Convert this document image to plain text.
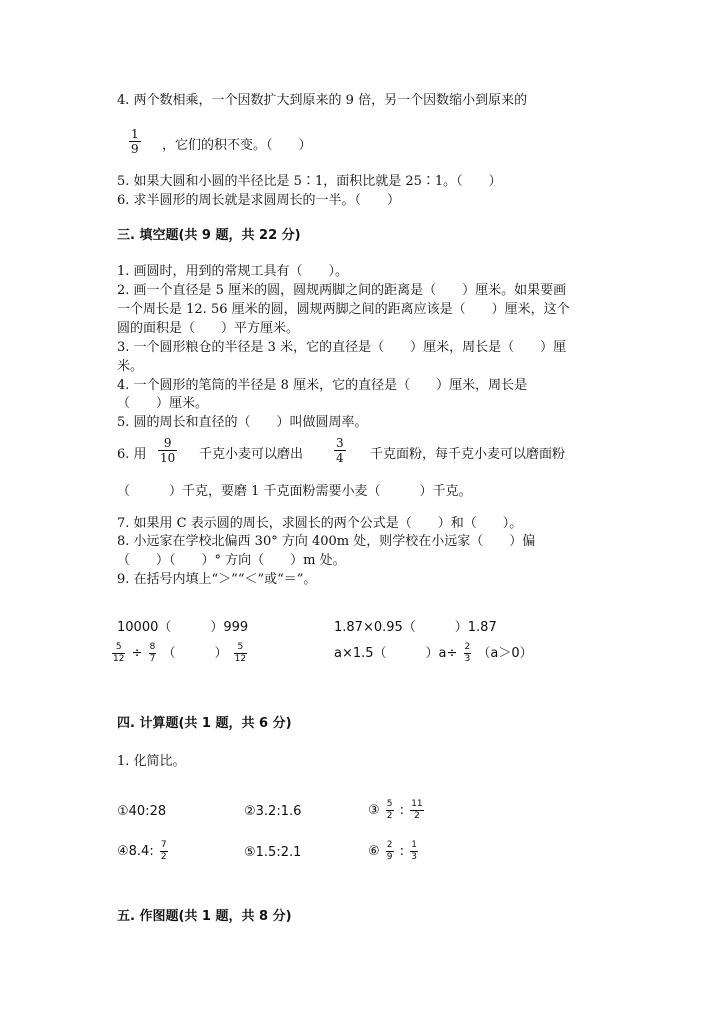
4. 两个数相乘，一个因数扩大到原来的 9 倍，另一个因数缩小到原来的
$\frac{1}{9}$ ，它们的积不变。（　　）
5. 如果大圆和小圆的半径比是 5∶1，面积比就是 25∶1。（　　）
6. 求半圆形的周长就是求圆周长的一半。（　　）
三. 填空题(共 9 题，共 22 分)
1. 画圆时，用到的常规工具有（　　）。
2. 画一个直径是 5 厘米的圆，圆规两脚之间的距离是（　　）厘米。如果要画
一个周长是 12. 56 厘米的圆，圆规两脚之间的距离应该是（　　）厘米，这个
圆的面积是（　　）平方厘米。
3. 一个圆形粮仓的半径是 3 米，它的直径是（　　）厘米，周长是（　　）厘
米。
4. 一个圆形的笔筒的半径是 8 厘米，它的直径是（　　）厘米，周长是
（　　）厘米。
5. 圆的周长和直径的（　　）叫做圆周率。
6. 用 $\frac{9}{10}$ 千克小麦可以磨出	$\frac{3}{4}$ 千克面粉，每千克小麦可以磨面粉
（　　　）千克，要磨 1 千克面粉需要小麦（　　　）千克。
7. 如果用 C 表示圆的周长，求圆长的两个公式是（　　）和（　　）。
8. 小远家在学校北偏西 30° 方向 400m 处，则学校在小远家（　　）偏
（　　）（　　）° 方向（　　）m 处。
9. 在括号内填上“＞”“＜”或“＝”。
10000（　　　）999	1.87×0.95（　　　）1.87
$\frac{5}{12} \div \frac{8}{7}$ （　　　） $\frac{5}{12}$	a×1.5（　　　）$a\div \frac{2}{3} (a>0)$
四. 计算题(共 1 题，共 6 分)
1. 化简比。
①40:28	②3.2:1.6	③ $\frac{5}{2}$ : $\frac{11}{2}$
④8.4: $\frac{7}{2}$	⑤1.5:2.1	⑥ $\frac{2}{9}$ : $\frac{1}{3}$
五. 作图题(共 1 题，共 8 分)
